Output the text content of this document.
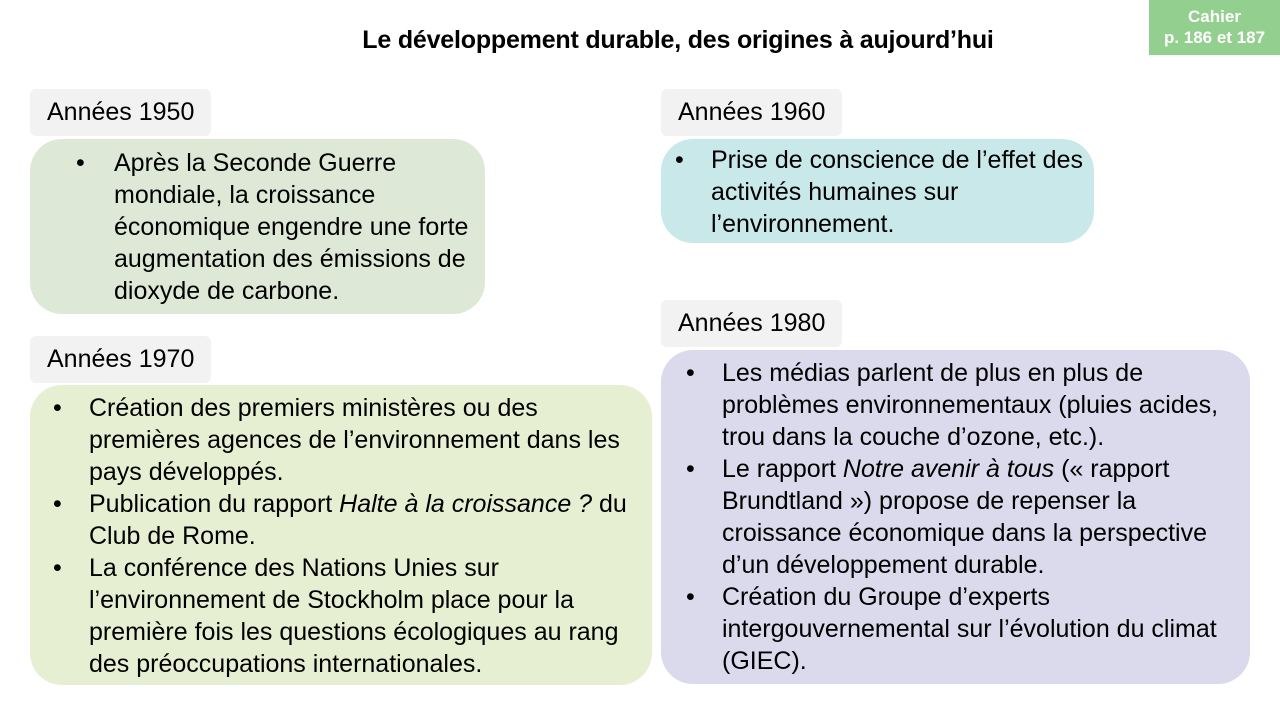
Le développement durable, des origines à aujourd’hui
Cahier
p. 186 et 187
Années 1950
• Après la Seconde Guerre mondiale, la croissance économique engendre une forte augmentation des émissions de dioxyde de carbone.
Années 1960
• Prise de conscience de l’effet des activités humaines sur l’environnement.
Années 1970
• Création des premiers ministères ou des premières agences de l’environnement dans les pays développés.
• Publication du rapport Halte à la croissance ? du Club de Rome.
• La conférence des Nations Unies sur l’environnement de Stockholm place pour la première fois les questions écologiques au rang des préoccupations internationales.
Années 1980
• Les médias parlent de plus en plus de problèmes environnementaux (pluies acides, trou dans la couche d’ozone, etc.).
• Le rapport Notre avenir à tous (« rapport Brundtland ») propose de repenser la croissance économique dans la perspective d’un développement durable.
• Création du Groupe d’experts intergouvernemental sur l’évolution du climat (GIEC).
